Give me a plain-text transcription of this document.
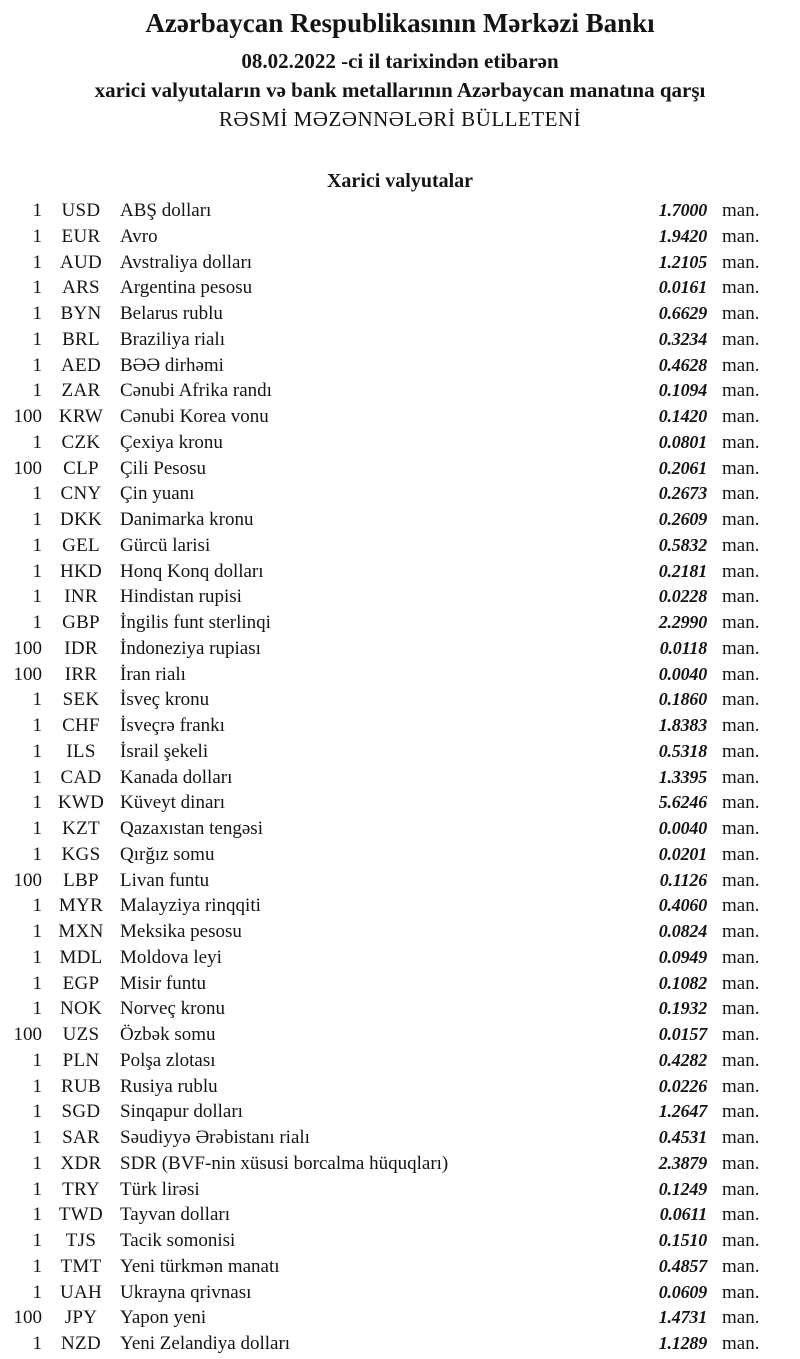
Azərbaycan Respublikasının Mərkəzi Bankı
08.02.2022 -ci il tarixindən etibarən
xarici valyutaların və bank metallarının Azərbaycan manatına qarşı
RƏSMİ MƏZƏNNƏLƏRİ BÜLLETENİ
Xarici valyutalar
1	USD	ABŞ dolları	1.7000 man.
1	EUR	Avro	1.9420 man.
1 AUD Avstraliya dolları	1.2105 man.
1	ARS	Argentina pesosu	0.0161 man.
1 BYN Belarus rublu	0.6629 man.
1	BRL	Braziliya rialı	0.3234 man.
1	AED	BƏƏ dirhəmi	0.4628 man.
1	ZAR	Cənubi Afrika randı	0.1094 man.
100 KRW Cənubi Korea vonu	0.1420 man.
1	CZK	Çexiya kronu	0.0801 man.
100	CLP	Çili Pesosu	0.2061 man.
1 CNY Çin yuanı	0.2673 man.
1 DKK Danimarka kronu	0.2609 man.
1	GEL	Gürcü larisi	0.5832 man.
1 HKD Honq Konq dolları	0.2181 man.
1	INR	Hindistan rupisi	0.0228 man.
1	GBP	İngilis funt sterlinqi	2.2990 man.
100	IDR	İndoneziya rupiası	0.0118 man.
100	IRR	İran rialı	0.0040 man.
1	SEK	İsveç kronu	0.1860 man.
1	CHF	İsveçrə frankı	1.8383 man.
1	ILS	İsrail şekeli	0.5318 man.
1 CAD Kanada dolları	1.3395 man.
1 KWD Küveyt dinarı	5.6246 man.
1	KZT	Qazaxıstan tengəsi	0.0040 man.
1	KGS	Qırğız somu	0.0201 man.
100	LBP	Livan funtu	0.1126 man.
1 MYR Malayziya rinqqiti	0.4060 man.
1 MXN Meksika pesosu	0.0824 man.
1 MDL Moldova leyi	0.0949 man.
1	EGP	Misir funtu	0.1082 man.
1 NOK Norveç kronu	0.1932 man.
100	UZS	Özbək somu	0.0157 man.
1	PLN	Polşa zlotası	0.4282 man.
1	RUB	Rusiya rublu	0.0226 man.
1	SGD	Sinqapur dolları	1.2647 man.
1	SAR	Səudiyyə Ərəbistanı rialı	0.4531 man.
1 XDR SDR (BVF-nin xüsusi borcalma hüquqları)	2.3879 man.
1	TRY	Türk lirəsi	0.1249 man.
1 TWD Tayvan dolları	0.0611 man.
1	TJS	Tacik somonisi	0.1510 man.
1 TMT Yeni türkmən manatı	0.4857 man.
1 UAH Ukrayna qrivnası	0.0609 man.
100	JPY	Yapon yeni	1.4731 man.
1	NZD	Yeni Zelandiya dolları	1.1289 man.
